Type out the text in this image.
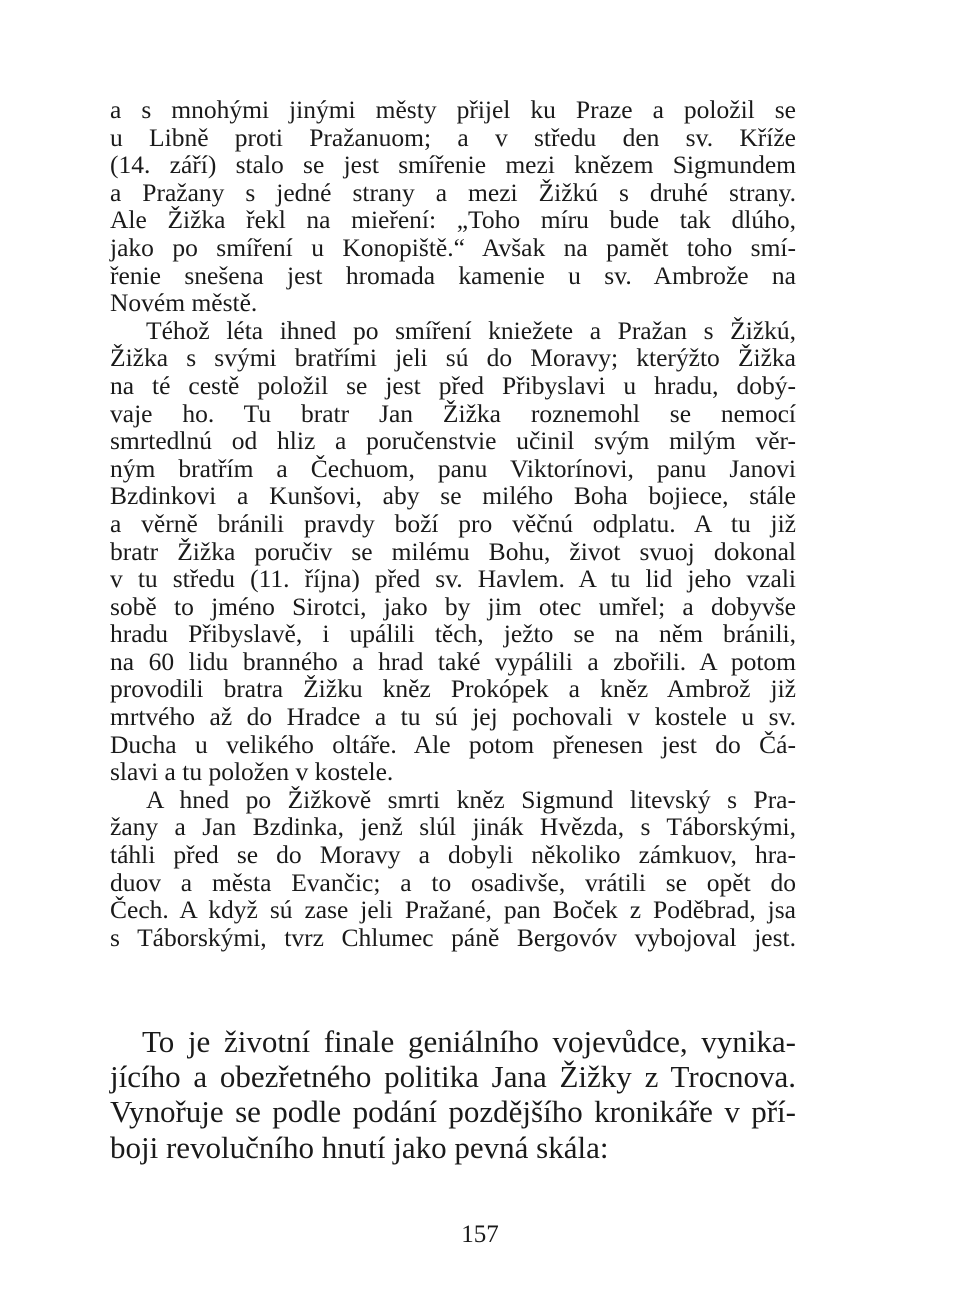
a s mnohými jinými městy přijel ku Praze a položil se
u Libně proti Pražanuom; a v středu den sv. Kříže
(14. září) stalo se jest smířenie mezi knězem Sigmundem
a Pražany s jedné strany a mezi Žižkú s druhé strany.
Ale Žižka řekl na mieření: „Toho míru bude tak dlúho,
jako po smíření u Konopiště.“ Avšak na pamět toho smí-
řenie snešena jest hromada kamenie u sv. Ambrože na
Novém městě.
Téhož léta ihned po smíření kniežete a Pražan s Žižkú,
Žižka s svými bratřími jeli sú do Moravy; kterýžto Žižka
na té cestě položil se jest před Přibyslavi u hradu, dobý-
vaje ho. Tu bratr Jan Žižka roznemohl se nemocí
smrtedlnú od hliz a poručenstvie učinil svým milým věr-
ným bratřím a Čechuom, panu Viktorínovi, panu Janovi
Bzdinkovi a Kunšovi, aby se milého Boha bojiece, stále
a věrně bránili pravdy boží pro věčnú odplatu. A tu již
bratr Žižka poručiv se milému Bohu, život svuoj dokonal
v tu středu (11. října) před sv. Havlem. A tu lid jeho vzali
sobě to jméno Sirotci, jako by jim otec umřel; a dobyvše
hradu Přibyslavě, i upálili těch, ježto se na něm bránili,
na 60 lidu branného a hrad také vypálili a zbořili. A potom
provodili bratra Žižku kněz Prokópek a kněz Ambrož již
mrtvého až do Hradce a tu sú jej pochovali v kostele u sv.
Ducha u velikého oltáře. Ale potom přenesen jest do Čá-
slavi a tu položen v kostele.
A hned po Žižkově smrti kněz Sigmund litevský s Pra-
žany a Jan Bzdinka, jenž slúl jinák Hvězda, s Táborskými,
táhli před se do Moravy a dobyli několiko zámkuov, hra-
duov a města Evančic; a to osadivše, vrátili se opět do
Čech. A když sú zase jeli Pražané, pan Boček z Poděbrad, jsa
s Táborskými, tvrz Chlumec páně Bergovóv vybojoval jest.
To je životní finale geniálního vojevůdce, vynika-
jícího a obezřetného politika Jana Žižky z Trocnova.
Vynořuje se podle podání pozdějšího kronikáře v pří-
boji revolučního hnutí jako pevná skála:
157
